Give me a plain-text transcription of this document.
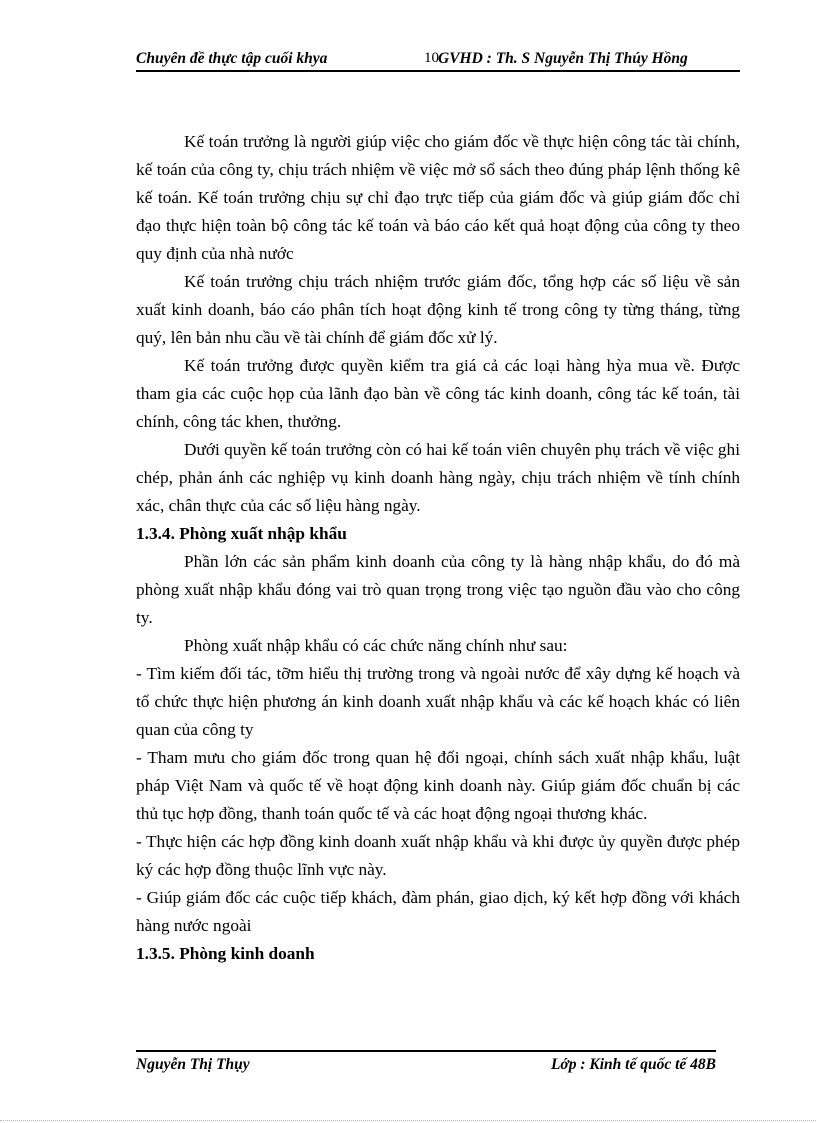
Chuyên đề thực tập cuối khya	10 GVHD : Th. S Nguyễn Thị Thúy Hồng

Kế toán trưởng là người giúp việc cho giám đốc về thực hiện công tác tài chính, kế toán của công ty, chịu trách nhiệm về việc mở sổ sách theo đúng pháp lệnh thống kê kế toán. Kế toán trưởng chịu sự chỉ đạo trực tiếp của giám đốc và giúp giám đốc chỉ đạo thực hiện toàn bộ công tác kế toán và báo cáo kết quả hoạt động của công ty theo quy định của nhà nước

Kế toán trưởng chịu trách nhiệm trước giám đốc, tổng hợp các số liệu về sản xuất kinh doanh, báo cáo phân tích hoạt động kinh tế trong công ty từng tháng, từng quý, lên bản nhu cầu về tài chính để giám đốc xử lý.

Kế toán trưởng được quyền kiểm tra giá cả các loại hàng hỳa mua về. Được tham gia các cuộc họp của lãnh đạo bàn về công tác kinh doanh, công tác kế toán, tài chính, công tác khen, thưởng.

Dưới quyền kế toán trưởng còn có hai kế toán viên chuyên phụ trách về việc ghi chép, phản ánh các nghiệp vụ kinh doanh hàng ngày, chịu trách nhiệm về tính chính xác, chân thực của các số liệu hàng ngày.

1.3.4. Phòng xuất nhập khẩu

Phần lớn các sản phẩm kinh doanh của công ty là hàng nhập khẩu, do đó mà phòng xuất nhập khẩu đóng vai trò quan trọng trong việc tạo nguồn đầu vào cho công ty.

Phòng xuất nhập khẩu có các chức năng chính như sau:

- Tìm kiếm đối tác, tỡm hiểu thị trường trong và ngoài nước để xây dựng kế hoạch và tổ chức thực hiện phương án kinh doanh xuất nhập khẩu và các kế hoạch khác có liên quan của công ty

- Tham mưu cho giám đốc trong quan hệ đối ngoại, chính sách xuất nhập khẩu, luật pháp Việt Nam và quốc tế về hoạt động kinh doanh này. Giúp giám đốc chuẩn bị các thủ tục hợp đồng, thanh toán quốc tế và các hoạt động ngoại thương khác.

- Thực hiện các hợp đồng kinh doanh xuất nhập khẩu và khi được ủy quyền được phép ký các hợp đồng thuộc lĩnh vực này.

- Giúp giám đốc các cuộc tiếp khách, đàm phán, giao dịch, ký kết hợp đồng với khách hàng nước ngoài

1.3.5. Phòng kinh doanh

Nguyễn Thị Thụy	Lớp : Kinh tế quốc tế 48B
